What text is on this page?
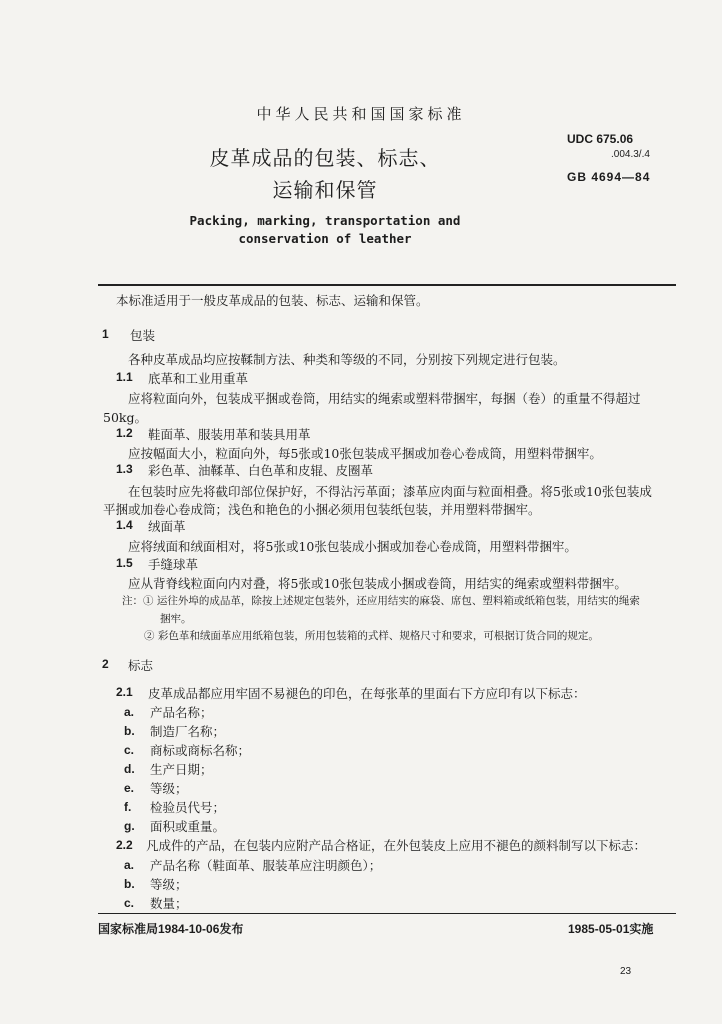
中华人民共和国国家标准
皮革成品的包装、标志、
运输和保管
Packing, marking, transportation and
conservation of leather
UDC 675.06
.004.3/.4
GB 4694—84
本标准适用于一般皮革成品的包装、标志、运输和保管。
1 包装
各种皮革成品均应按鞣制方法、种类和等级的不同，分别按下列规定进行包装。
1.1 底革和工业用重革
应将粒面向外，包装成平捆或卷筒，用结实的绳索或塑料带捆牢，每捆（卷）的重量不得超过
50kg。
1.2 鞋面革、服装用革和装具用革
应按幅面大小，粒面向外，每5张或10张包装成平捆或加卷心卷成筒，用塑料带捆牢。
1.3 彩色革、油鞣革、白色革和皮辊、皮圈革
在包装时应先将截印部位保护好，不得沾污革面；漆革应肉面与粒面相叠。将5张或10张包装成
平捆或加卷心卷成筒；浅色和艳色的小捆必须用包装纸包装，并用塑料带捆牢。
1.4 绒面革
应将绒面和绒面相对，将5张或10张包装成小捆或加卷心卷成筒，用塑料带捆牢。
1.5 手缝球革
应从背脊线粒面向内对叠，将5张或10张包装成小捆或卷筒，用结实的绳索或塑料带捆牢。
注：① 运往外埠的成品革，除按上述规定包装外，还应用结实的麻袋、席包、塑料箱或纸箱包装，用结实的绳索
捆牢。
② 彩色革和绒面革应用纸箱包装，所用包装箱的式样、规格尺寸和要求，可根据订货合同的规定。
2 标志
2.1 皮革成品都应用牢固不易褪色的印色，在每张革的里面右下方应印有以下标志：
a. 产品名称；
b. 制造厂名称；
c. 商标或商标名称；
d. 生产日期；
e. 等级；
f. 检验员代号；
g. 面积或重量。
2.2 凡成件的产品，在包装内应附产品合格证，在外包装皮上应用不褪色的颜料制写以下标志：
a. 产品名称（鞋面革、服装革应注明颜色）；
b. 等级；
c. 数量；
国家标准局1984-10-06发布	1985-05-01实施
23
